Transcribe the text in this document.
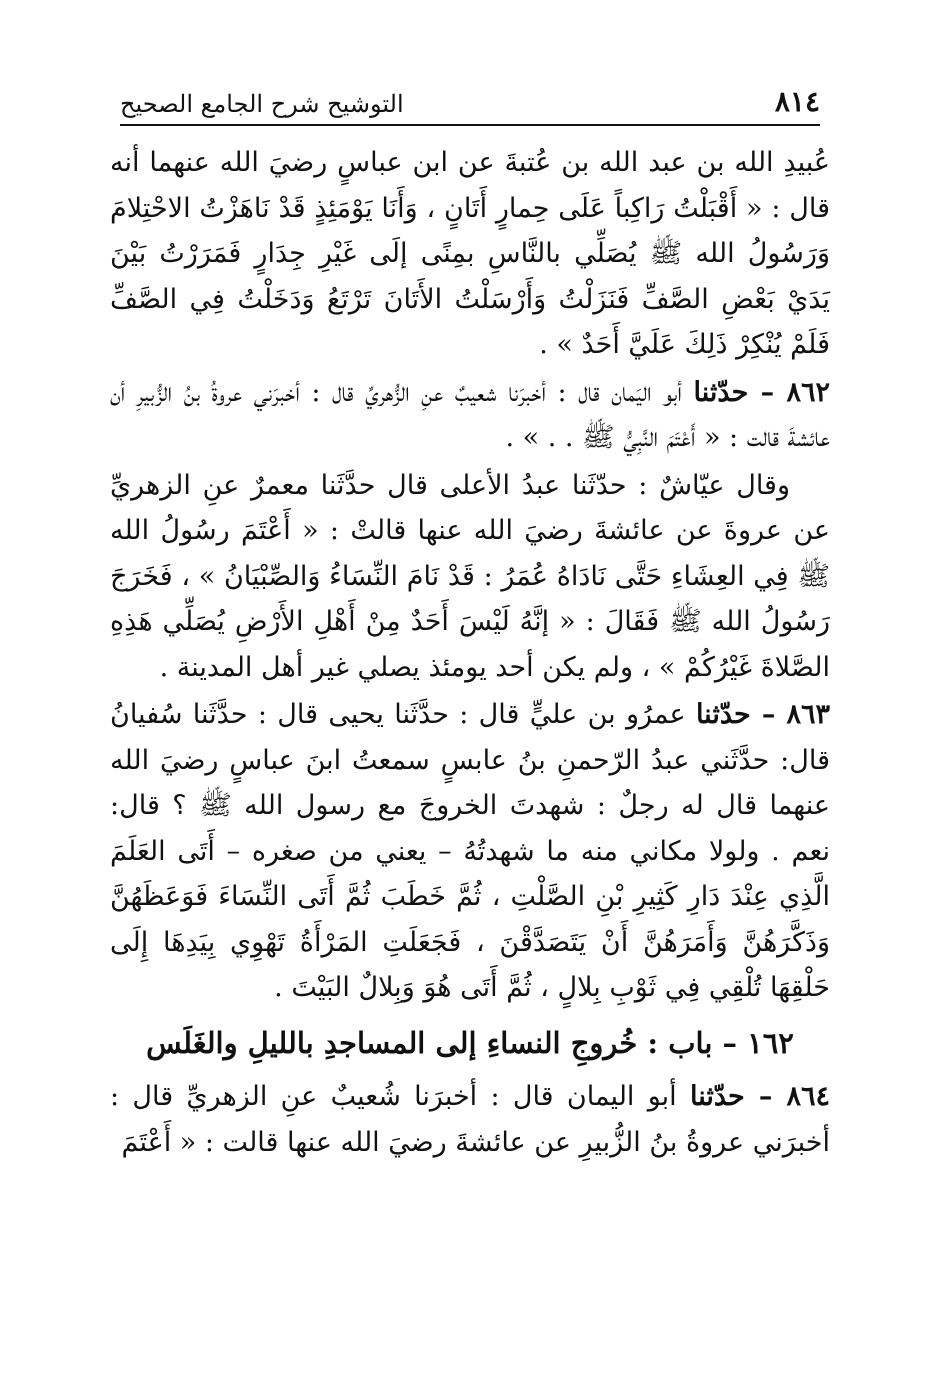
٨١٤
التوشيح شرح الجامع الصحيح

عُبيدِ الله بن عبد الله بن عُتبةَ عن ابن عباسٍ رضيَ الله عنهما أنه قال : « أَقْبَلْتُ رَاكِباً عَلَى حِمارٍ أَتَانٍ ، وَأَنَا يَوْمَئِذٍ قَدْ نَاهَزْتُ الاحْتِلامَ وَرَسُولُ الله ﷺ يُصَلِّي بالنَّاسِ بمِنًى إلَى غَيْرِ جِدَارٍ فَمَرَرْتُ بَيْنَ يَدَيْ بَعْضِ الصَّفِّ فَنَزَلْتُ وَأَرْسَلْتُ الأَتَانَ تَرْتَعُ وَدَخَلْتُ فِي الصَّفِّ فَلَمْ يُنْكِرْ ذَلِكَ عَلَيَّ أَحَدٌ » .

٨٦٢ – حدّثنا أبو اليَمان قال : أخبرَنا شعيبٌ عنِ الزُّهريِّ قال : أخبرَني عروةُ بنُ الزُّبيرِ أن عائشةَ قالت : « أَعْتَمَ النَّبِيُّ ﷺ . . » .

وقال عيّاشٌ : حدّثَنا عبدُ الأعلى قال حدَّثَنا معمرٌ عنِ الزهريِّ عن عروةَ عن عائشةَ رضيَ الله عنها قالتْ : « أَعْتَمَ رسُولُ الله ﷺ فِي العِشَاءِ حَتَّى نَادَاهُ عُمَرُ : قَدْ نَامَ النِّسَاءُ وَالصِّبْيَانُ » ، فَخَرَجَ رَسُولُ الله ﷺ فَقَالَ : « إنَّهُ لَيْسَ أَحَدٌ مِنْ أَهْلِ الأَرْضِ يُصَلِّي هَذِهِ الصَّلاةَ غَيْرُكُمْ » ، ولم يكن أحد يومئذ يصلي غير أهل المدينة .

٨٦٣ – حدّثنا عمرُو بن عليٍّ قال : حدَّثَنا يحيى قال : حدَّثَنا سُفيانُ قال: حدَّثَني عبدُ الرّحمنِ بنُ عابسٍ سمعتُ ابنَ عباسٍ رضيَ الله عنهما قال له رجلٌ : شهدتَ الخروجَ مع رسول الله ﷺ ؟ قال: نعم . ولولا مكاني منه ما شهدتُهُ – يعني من صغره – أَتَى العَلَمَ الَّذِي عِنْدَ دَارِ كَثِيرِ بْنِ الصَّلْتِ ، ثُمَّ خَطَبَ ثُمَّ أَتَى النِّسَاءَ فَوَعَظَهُنَّ وَذَكَّرَهُنَّ وَأَمَرَهُنَّ أَنْ يَتَصَدَّقْنَ ، فَجَعَلَتِ المَرْأَةُ تَهْوِي بِيَدِهَا إِلَى حَلْقِهَا تُلْقِي فِي ثَوْبِ بِلالٍ ، ثُمَّ أَتَى هُوَ وَبِلالٌ البَيْتَ .

١٦٢ – باب : خُروجِ النساءِ إلى المساجدِ بالليلِ والغَلَس

٨٦٤ – حدّثنا أبو اليمان قال : أخبرَنا شُعيبٌ عنِ الزهريِّ قال : أخبرَني عروةُ بنُ الزُّبيرِ عن عائشةَ رضيَ الله عنها قالت : « أَعْتَمَ
